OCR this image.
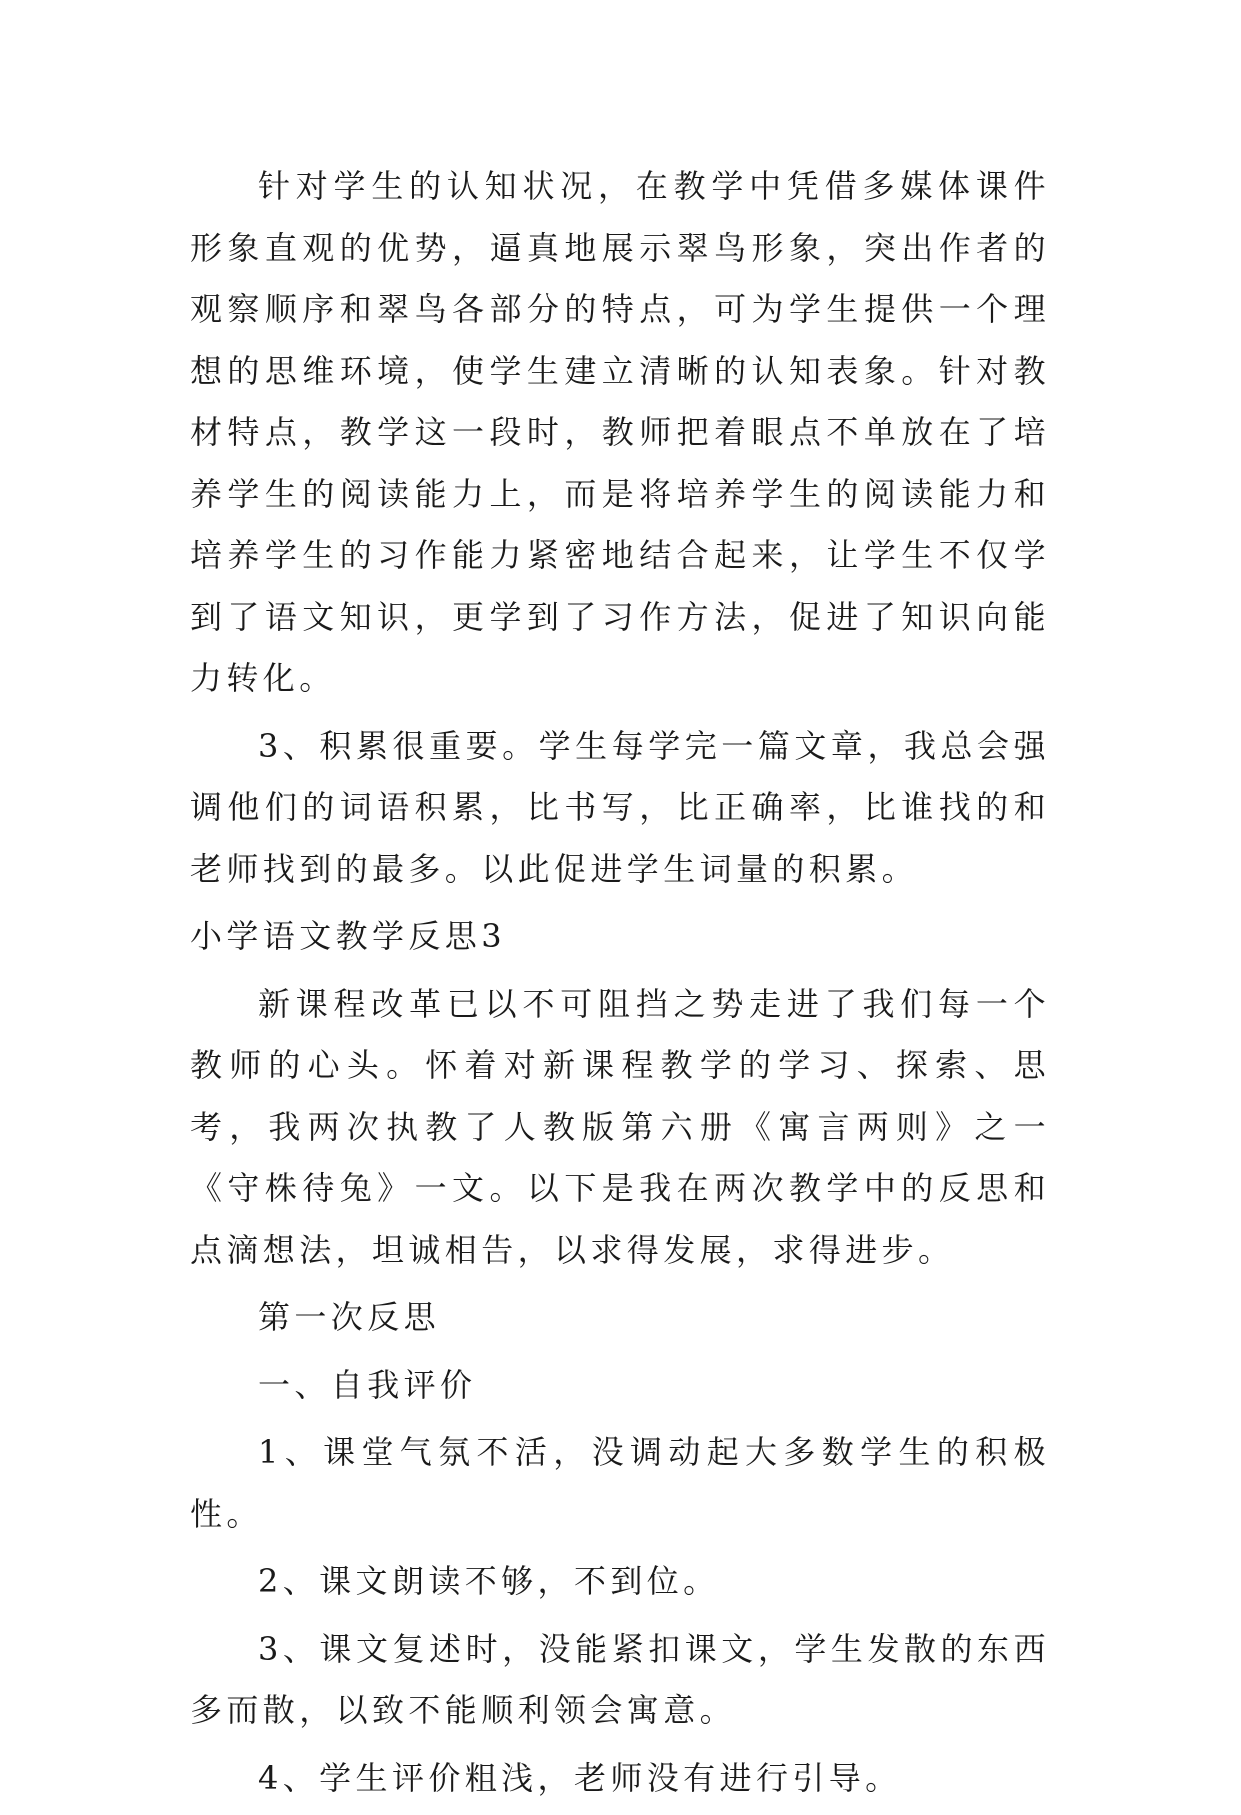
针对学生的认知状况，在教学中凭借多媒体课件形象直观的优势，逼真地展示翠鸟形象，突出作者的观察顺序和翠鸟各部分的特点，可为学生提供一个理想的思维环境，使学生建立清晰的认知表象。针对教材特点，教学这一段时，教师把着眼点不单放在了培养学生的阅读能力上，而是将培养学生的阅读能力和培养学生的习作能力紧密地结合起来，让学生不仅学到了语文知识，更学到了习作方法，促进了知识向能力转化。

3、积累很重要。学生每学完一篇文章，我总会强调他们的词语积累，比书写，比正确率，比谁找的和老师找到的最多。以此促进学生词量的积累。

小学语文教学反思3

新课程改革已以不可阻挡之势走进了我们每一个教师的心头。怀着对新课程教学的学习、探索、思考，我两次执教了人教版第六册《寓言两则》之一《守株待兔》一文。以下是我在两次教学中的反思和点滴想法，坦诚相告，以求得发展，求得进步。

第一次反思

一、自我评价

1、课堂气氛不活，没调动起大多数学生的积极性。

2、课文朗读不够，不到位。

3、课文复述时，没能紧扣课文，学生发散的东西多而散，以致不能顺利领会寓意。

4、学生评价粗浅，老师没有进行引导。
